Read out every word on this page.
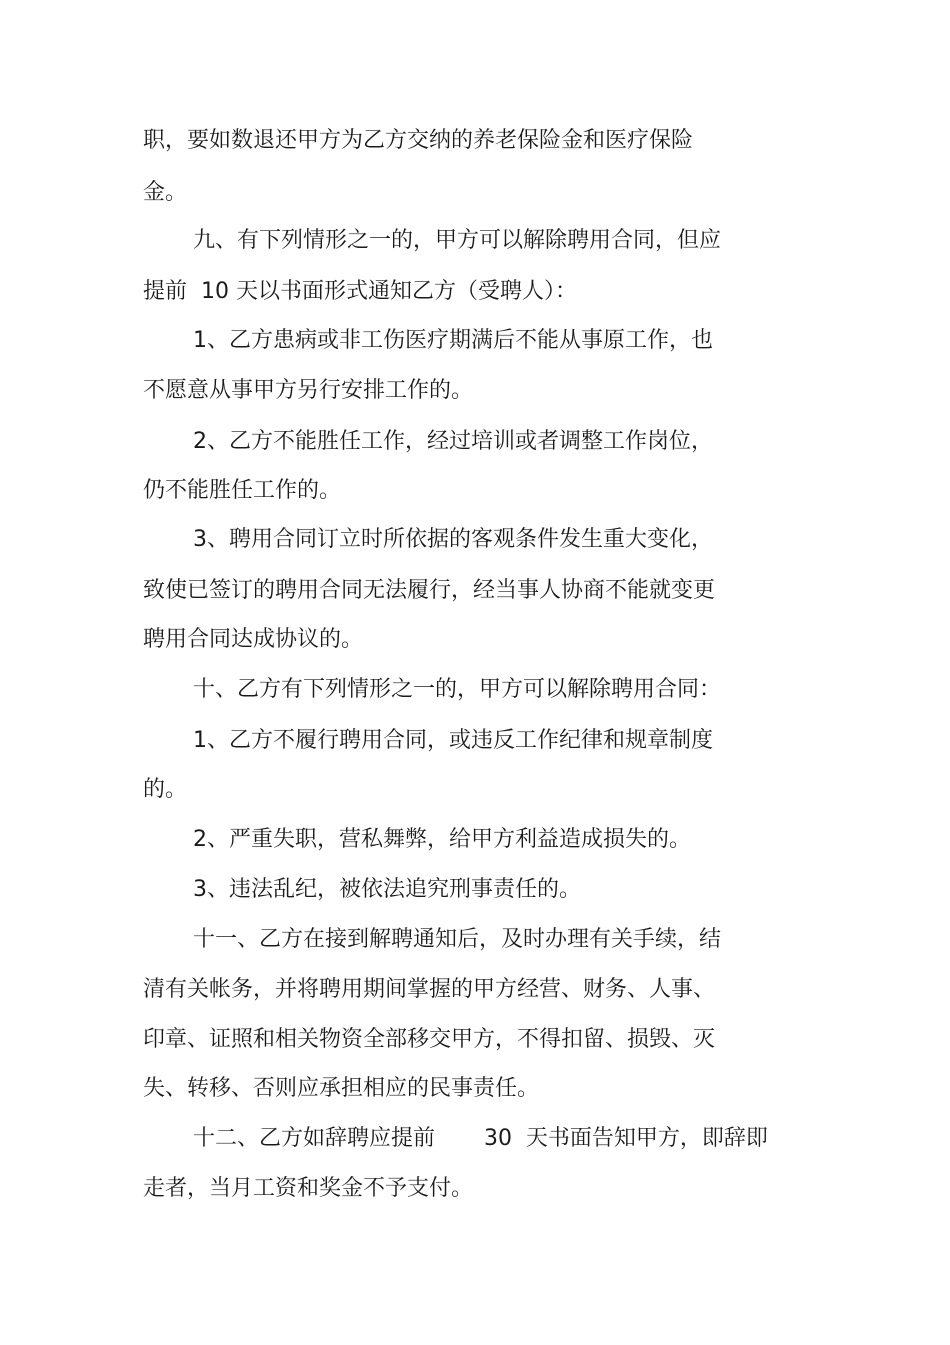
职，要如数退还甲方为乙方交纳的养老保险金和医疗保险

金。

九、有下列情形之一的，甲方可以解除聘用合同，但应

提前  10 天以书面形式通知乙方（受聘人）：

1、乙方患病或非工伤医疗期满后不能从事原工作，也

不愿意从事甲方另行安排工作的。

2、乙方不能胜任工作，经过培训或者调整工作岗位，

仍不能胜任工作的。

3、聘用合同订立时所依据的客观条件发生重大变化，

致使已签订的聘用合同无法履行，经当事人协商不能就变更

聘用合同达成协议的。

十、乙方有下列情形之一的，甲方可以解除聘用合同：

1、乙方不履行聘用合同，或违反工作纪律和规章制度

的。

2、严重失职，营私舞弊，给甲方利益造成损失的。

3、违法乱纪，被依法追究刑事责任的。

十一、乙方在接到解聘通知后，及时办理有关手续，结

清有关帐务，并将聘用期间掌握的甲方经营、财务、人事、

印章、证照和相关物资全部移交甲方，不得扣留、损毁、灭

失、转移、否则应承担相应的民事责任。

十二、乙方如辞聘应提前       30  天书面告知甲方，即辞即

走者，当月工资和奖金不予支付。
